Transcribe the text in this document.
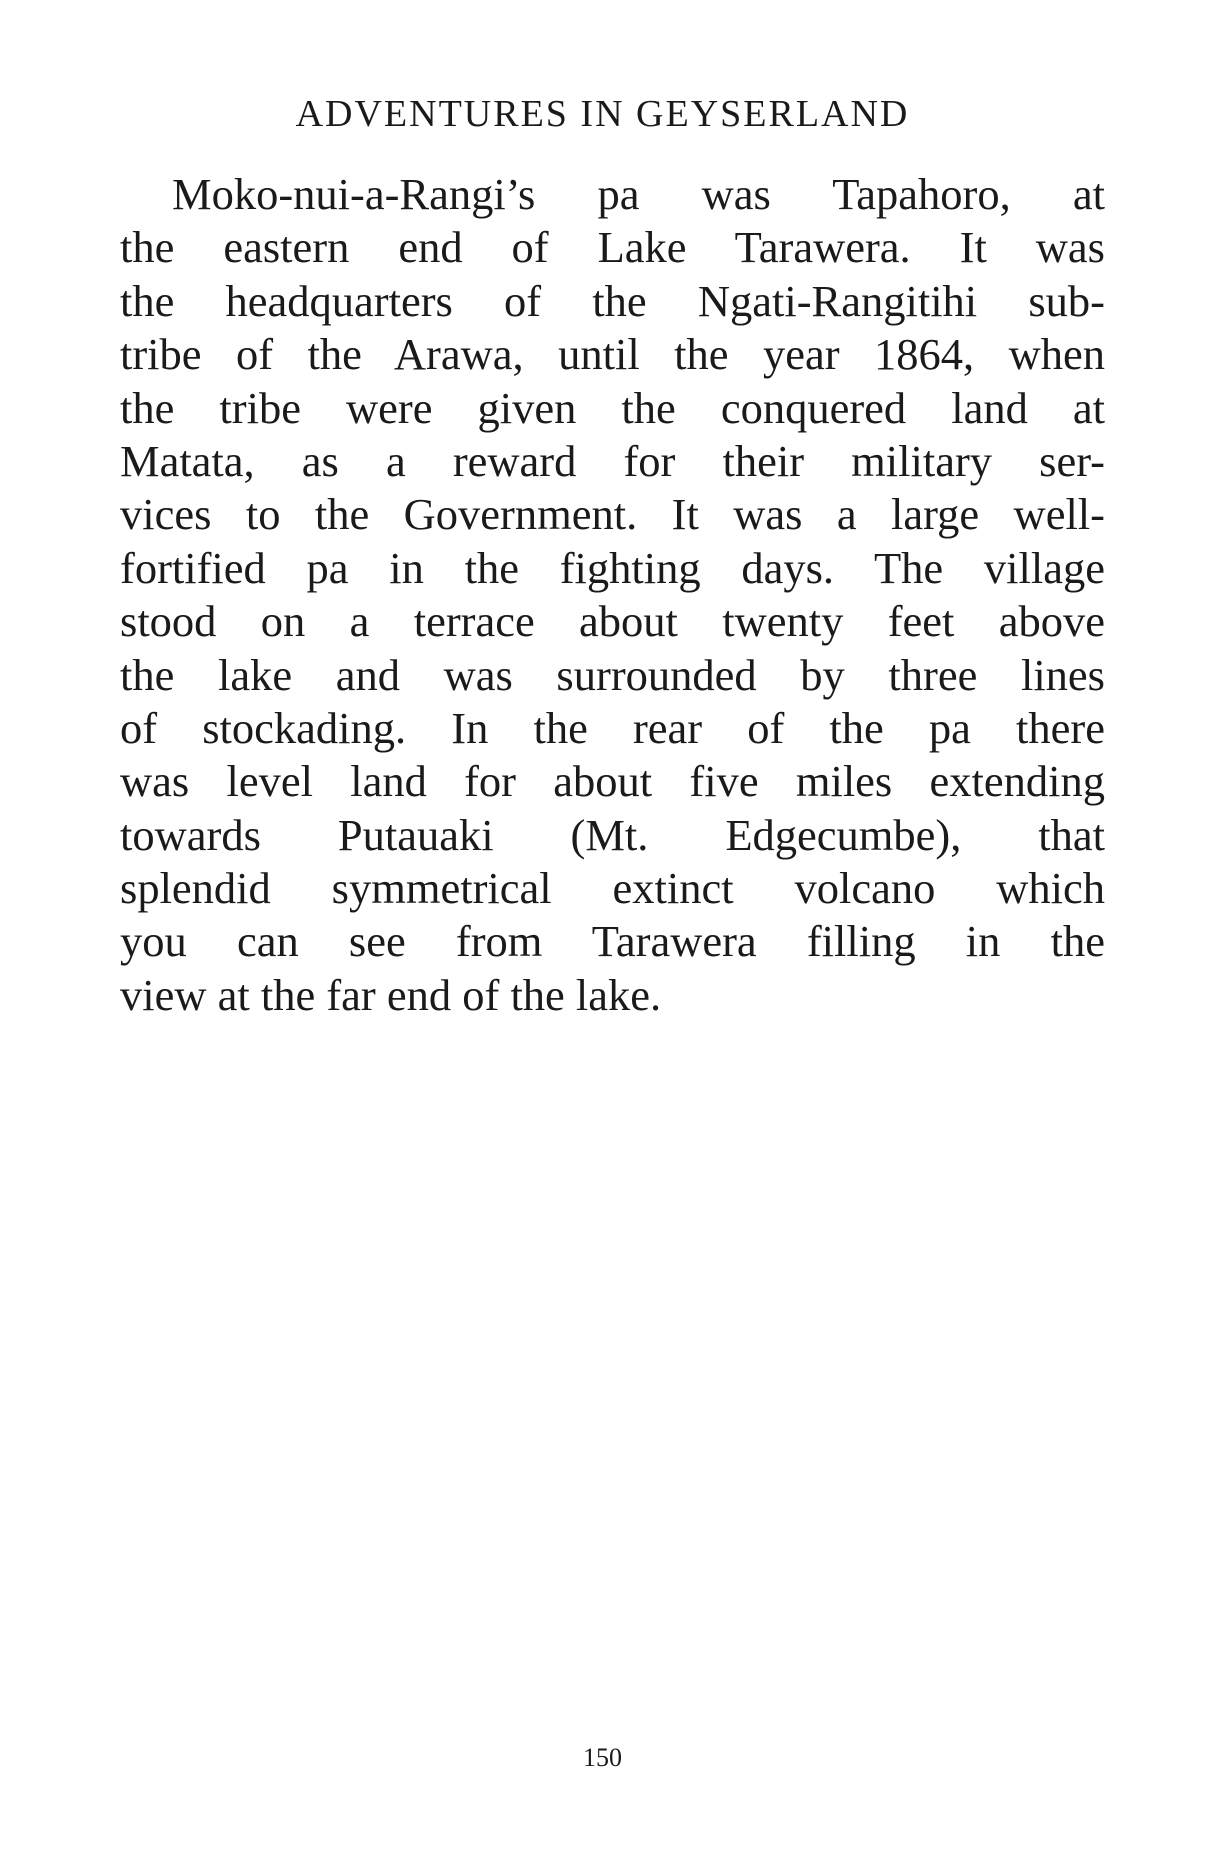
ADVENTURES IN GEYSERLAND
Moko-nui-a-Rangi’s pa was Tapahoro, at
the eastern end of Lake Tarawera. It was
the headquarters of the Ngati-Rangitihi sub-
tribe of the Arawa, until the year 1864, when
the tribe were given the conquered land at
Matata, as a reward for their military ser-
vices to the Government. It was a large well-
fortified pa in the fighting days. The village
stood on a terrace about twenty feet above
the lake and was surrounded by three lines
of stockading. In the rear of the pa there
was level land for about five miles extending
towards Putauaki (Mt. Edgecumbe), that
splendid symmetrical extinct volcano which
you can see from Tarawera filling in the
view at the far end of the lake.
150
